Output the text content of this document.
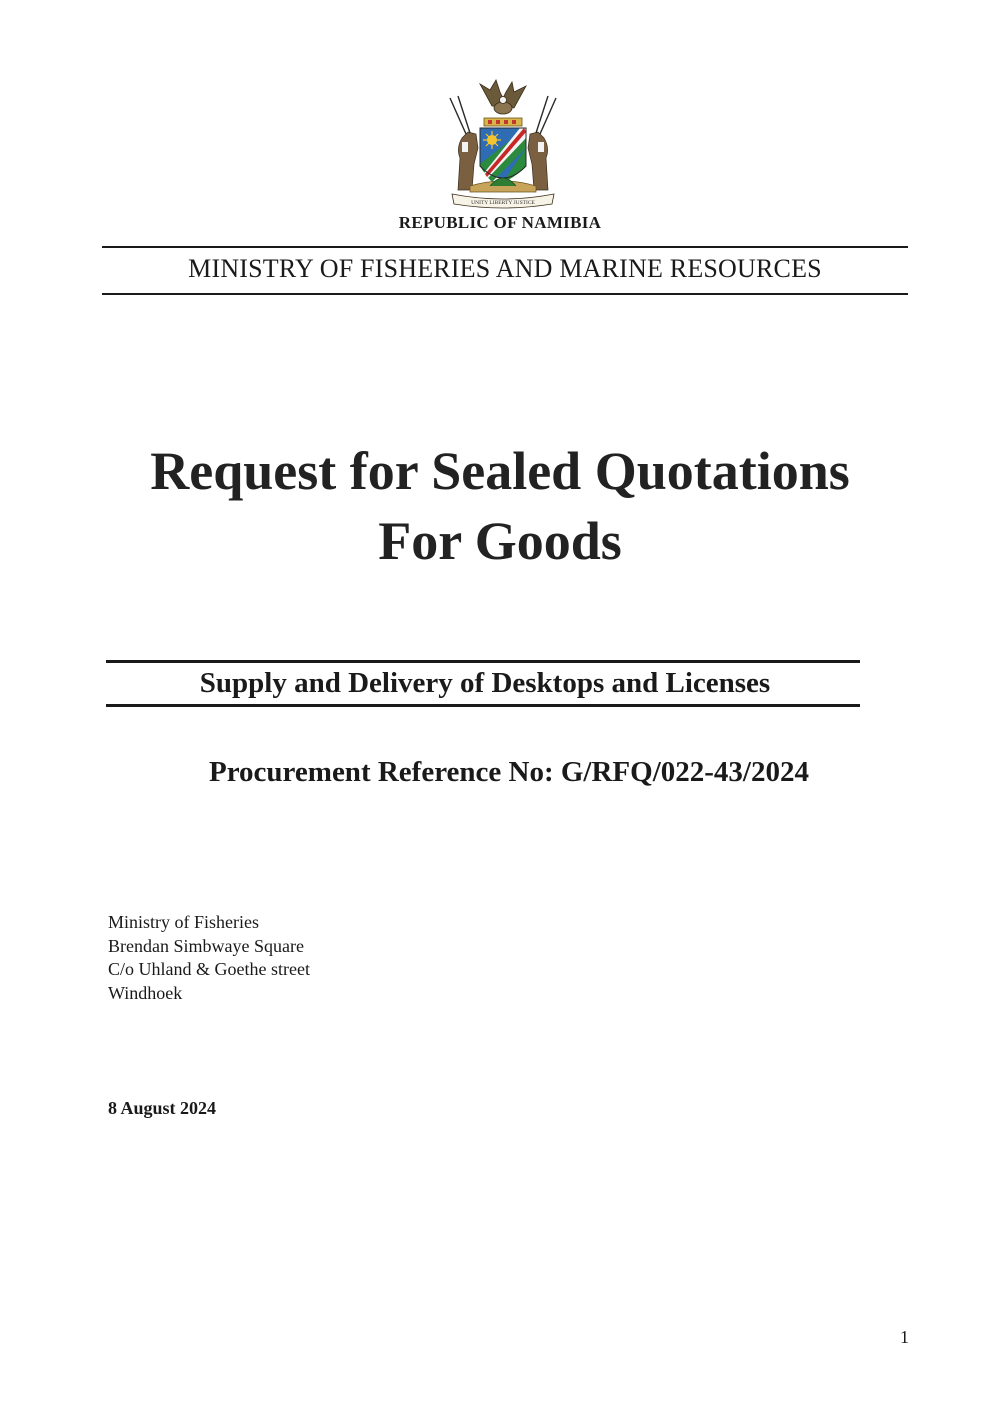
UNITY LIBERTY JUSTICE
REPUBLIC OF NAMIBIA
MINISTRY OF FISHERIES AND MARINE RESOURCES
Request for Sealed Quotations
For Goods
Supply and Delivery of Desktops and Licenses
Procurement Reference No: G/RFQ/022-43/2024
Ministry of Fisheries
Brendan Simbwaye Square
C/o Uhland & Goethe street
Windhoek
8 August 2024
1
